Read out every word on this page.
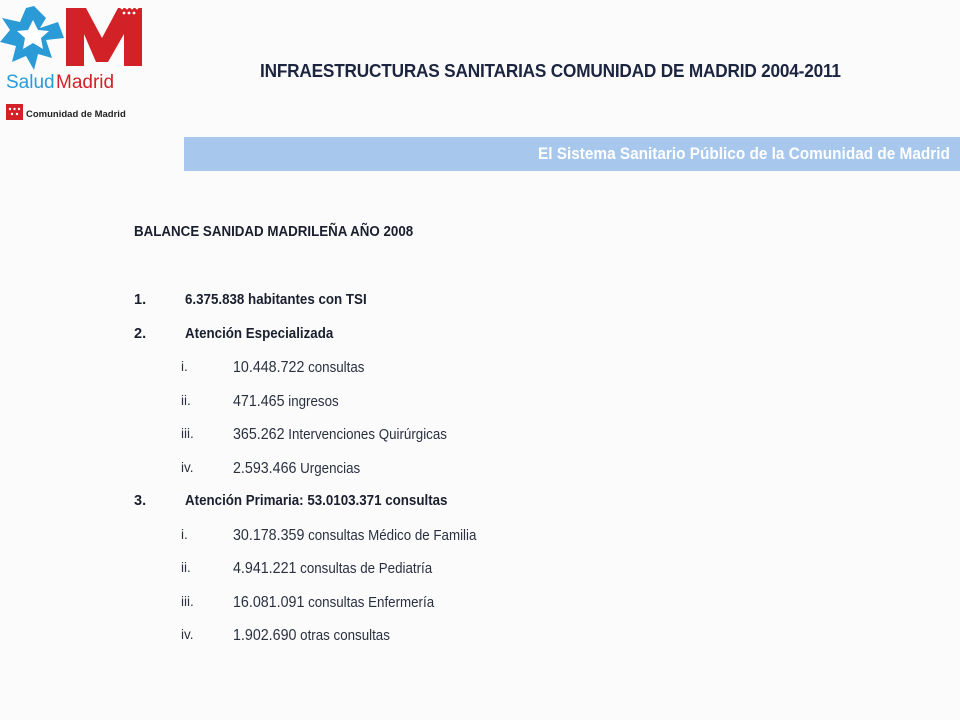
Salud Madrid
Comunidad de Madrid
INFRAESTRUCTURAS SANITARIAS COMUNIDAD DE MADRID 2004-2011
El Sistema Sanitario Público de la Comunidad de Madrid
BALANCE SANIDAD MADRILEÑA AÑO 2008
1.	6.375.838 habitantes con TSI
2.	Atención Especializada
i.	10.448.722 consultas
ii.	471.465 ingresos
iii.	365.262 Intervenciones Quirúrgicas
iv.	2.593.466 Urgencias
3.	Atención Primaria: 53.0103.371 consultas
i.	30.178.359 consultas Médico de Familia
ii.	4.941.221 consultas de Pediatría
iii.	16.081.091 consultas Enfermería
iv.	1.902.690 otras consultas
